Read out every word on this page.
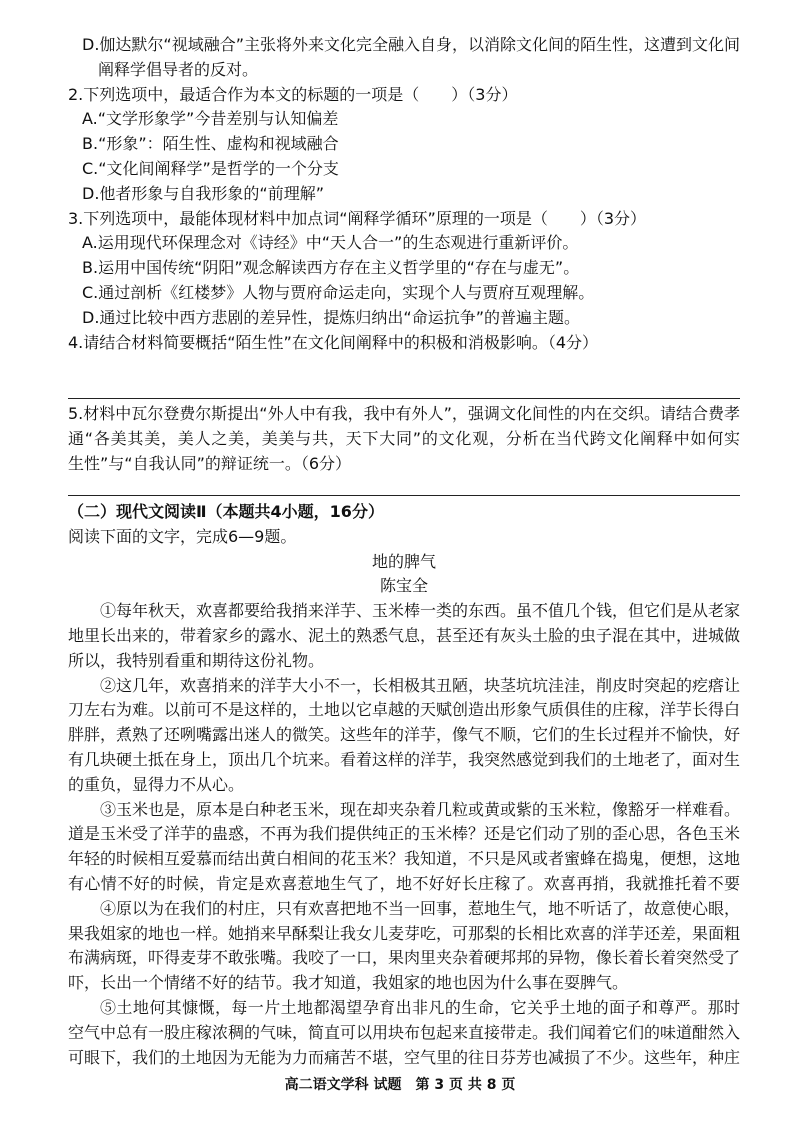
D.伽达默尔“视域融合”主张将外来文化完全融入自身，以消除文化间的陌生性，这遭到文化间
阐释学倡导者的反对。
2.下列选项中，最适合作为本文的标题的一项是（　　）（3分）
A.“文学形象学”今昔差别与认知偏差
B.“形象”：陌生性、虚构和视域融合
C.“文化间阐释学”是哲学的一个分支
D.他者形象与自我形象的“前理解”
3.下列选项中，最能体现材料中加点词“阐释学循环”原理的一项是（　　）（3分）
A.运用现代环保理念对《诗经》中“天人合一”的生态观进行重新评价。
B.运用中国传统“阴阳”观念解读西方存在主义哲学里的“存在与虚无”。
C.通过剖析《红楼梦》人物与贾府命运走向，实现个人与贾府互观理解。
D.通过比较中西方悲剧的差异性，提炼归纳出“命运抗争”的普遍主题。
4.请结合材料简要概括“陌生性”在文化间阐释中的积极和消极影响。（4分）
5.材料中瓦尔登费尔斯提出“外人中有我，我中有外人”，强调文化间性的内在交织。请结合费孝
通“各美其美，美人之美，美美与共，天下大同”的文化观，分析在当代跨文化阐释中如何实
生性”与“自我认同”的辩证统一。（6分）
（二）现代文阅读Ⅱ（本题共4小题，16分）
阅读下面的文字，完成6—9题。
地的脾气
陈宝全
①每年秋天，欢喜都要给我捎来洋芋、玉米棒一类的东西。虽不值几个钱，但它们是从老家
地里长出来的，带着家乡的露水、泥土的熟悉气息，甚至还有灰头土脸的虫子混在其中，进城做
所以，我特别看重和期待这份礼物。
②这几年，欢喜捎来的洋芋大小不一，长相极其丑陋，块茎坑坑洼洼，削皮时突起的疙瘩让
刀左右为难。以前可不是这样的，土地以它卓越的天赋创造出形象气质俱佳的庄稼，洋芋长得白
胖胖，煮熟了还咧嘴露出迷人的微笑。这些年的洋芋，像气不顺，它们的生长过程并不愉快，好
有几块硬土抵在身上，顶出几个坑来。看着这样的洋芋，我突然感觉到我们的土地老了，面对生
的重负，显得力不从心。
③玉米也是，原本是白种老玉米，现在却夹杂着几粒或黄或紫的玉米粒，像豁牙一样难看。
道是玉米受了洋芋的蛊惑，不再为我们提供纯正的玉米棒？还是它们动了别的歪心思，各色玉米
年轻的时候相互爱慕而结出黄白相间的花玉米？我知道，不只是风或者蜜蜂在捣鬼，便想，这地
有心情不好的时候，肯定是欢喜惹地生气了，地不好好长庄稼了。欢喜再捎，我就推托着不要
④原以为在我们的村庄，只有欢喜把地不当一回事，惹地生气，地不听话了，故意使心眼，
果我姐家的地也一样。她捎来早酥梨让我女儿麦芽吃，可那梨的长相比欢喜的洋芋还差，果面粗
布满病斑，吓得麦芽不敢张嘴。我咬了一口，果肉里夹杂着硬邦邦的异物，像长着长着突然受了
吓，长出一个情绪不好的结节。我才知道，我姐家的地也因为什么事在耍脾气。
⑤土地何其慷慨，每一片土地都渴望孕育出非凡的生命，它关乎土地的面子和尊严。那时
空气中总有一股庄稼浓稠的气味，简直可以用块布包起来直接带走。我们闻着它们的味道酣然入
可眼下，我们的土地因为无能为力而痛苦不堪，空气里的往日芬芳也减损了不少。这些年，种庄
高二语文学科 试题　第 3 页 共 8 页
